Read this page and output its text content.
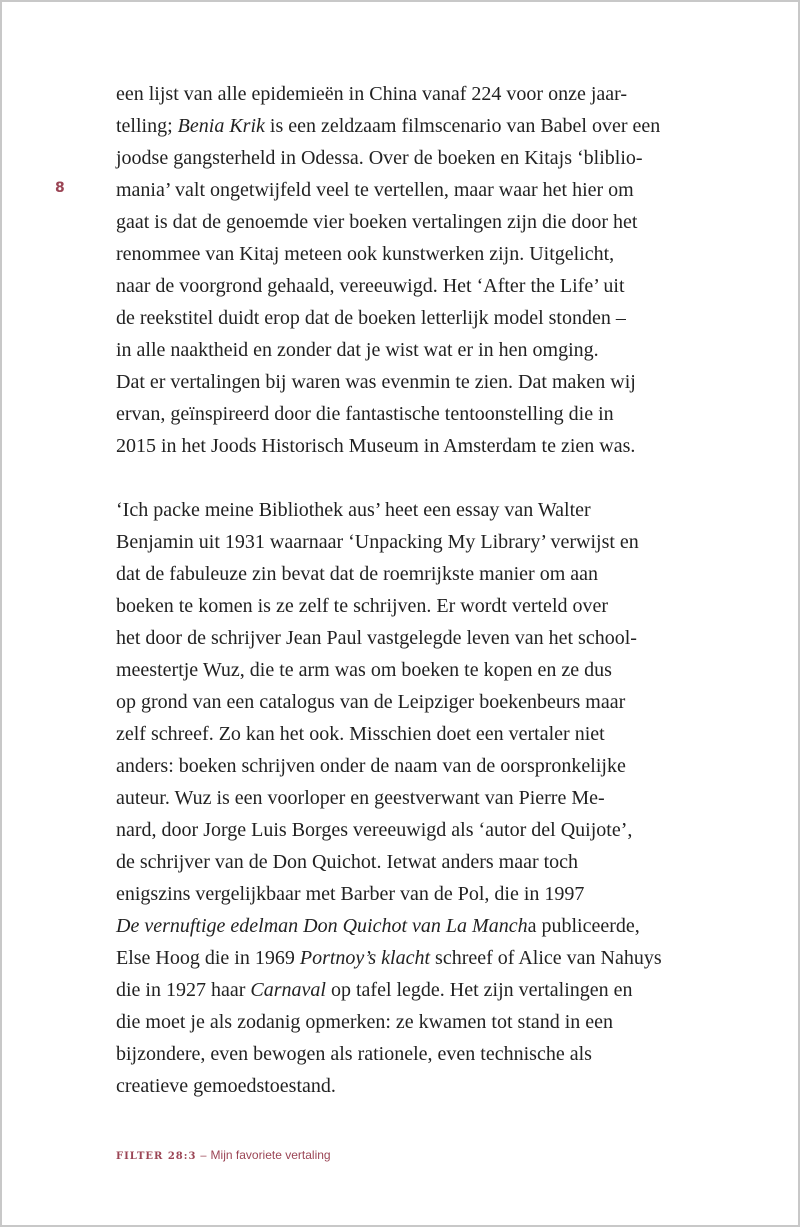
8
een lijst van alle epidemieën in China vanaf 224 voor onze jaar-
telling; Benia Krik is een zeldzaam filmscenario van Babel over een
joodse gangsterheld in Odessa. Over de boeken en Kitajs ‘bliblio-
mania’ valt ongetwijfeld veel te vertellen, maar waar het hier om
gaat is dat de genoemde vier boeken vertalingen zijn die door het
renommee van Kitaj meteen ook kunstwerken zijn. Uitgelicht,
naar de voorgrond gehaald, vereeuwigd. Het ‘After the Life’ uit
de reekstitel duidt erop dat de boeken letterlijk model stonden –
in alle naaktheid en zonder dat je wist wat er in hen omging.
Dat er vertalingen bij waren was evenmin te zien. Dat maken wij
ervan, geïnspireerd door die fantastische tentoonstelling die in
2015 in het Joods Historisch Museum in Amsterdam te zien was.
‘Ich packe meine Bibliothek aus’ heet een essay van Walter
Benjamin uit 1931 waarnaar ‘Unpacking My Library’ verwijst en
dat de fabuleuze zin bevat dat de roemrijkste manier om aan
boeken te komen is ze zelf te schrijven. Er wordt verteld over
het door de schrijver Jean Paul vastgelegde leven van het school-
meestertje Wuz, die te arm was om boeken te kopen en ze dus
op grond van een catalogus van de Leipziger boekenbeurs maar
zelf schreef. Zo kan het ook. Misschien doet een vertaler niet
anders: boeken schrijven onder de naam van de oorspronkelijke
auteur. Wuz is een voorloper en geestverwant van Pierre Me-
nard, door Jorge Luis Borges vereeuwigd als ‘autor del Quijote’,
de schrijver van de Don Quichot. Ietwat anders maar toch
enigszins vergelijkbaar met Barber van de Pol, die in 1997
De vernuftige edelman Don Quichot van La Mancha publiceerde,
Else Hoog die in 1969 Portnoy’s klacht schreef of Alice van Nahuys
die in 1927 haar Carnaval op tafel legde. Het zijn vertalingen en
die moet je als zodanig opmerken: ze kwamen tot stand in een
bijzondere, even bewogen als rationele, even technische als
creatieve gemoedstoestand.
FILTER 28:3 – Mijn favoriete vertaling
